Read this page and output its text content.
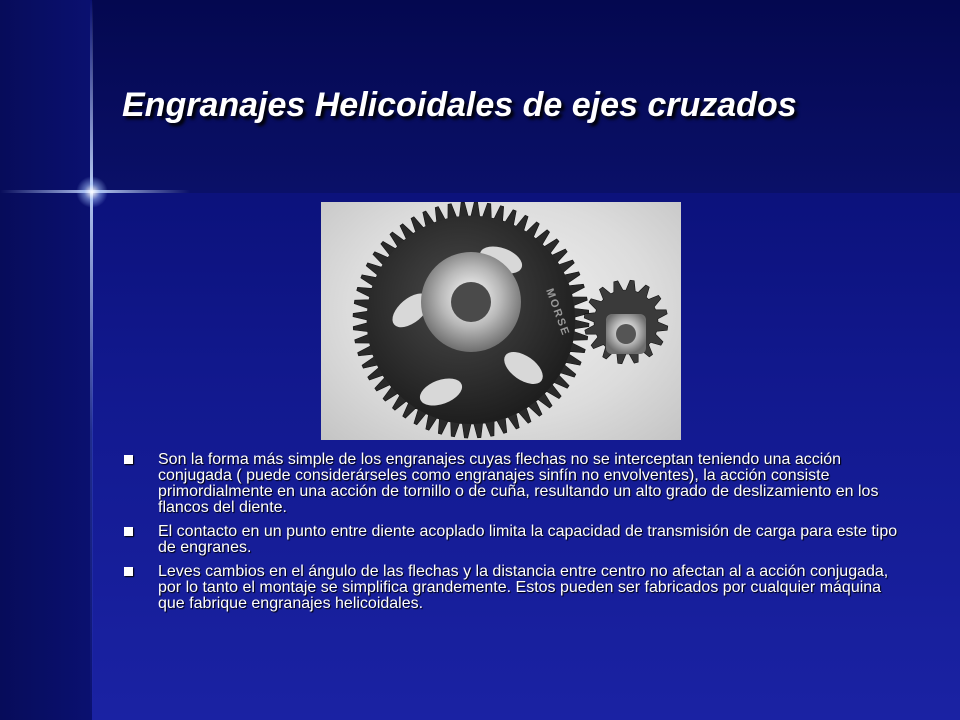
Engranajes Helicoidales de ejes cruzados
MORSE
Son la forma más simple de los engranajes cuyas flechas no se interceptan teniendo una acción conjugada ( puede considerárseles como engranajes sinfín no envolventes), la acción consiste primordialmente en una acción de tornillo o de cuña, resultando un alto grado de deslizamiento en los flancos del diente.
El contacto en un punto entre diente acoplado limita la capacidad de transmisión de carga para este tipo de engranes.
Leves cambios en el ángulo de las flechas y la distancia entre centro no afectan al a acción conjugada, por lo tanto el montaje se simplifica grandemente. Estos pueden ser fabricados por cualquier máquina que fabrique engranajes helicoidales.
